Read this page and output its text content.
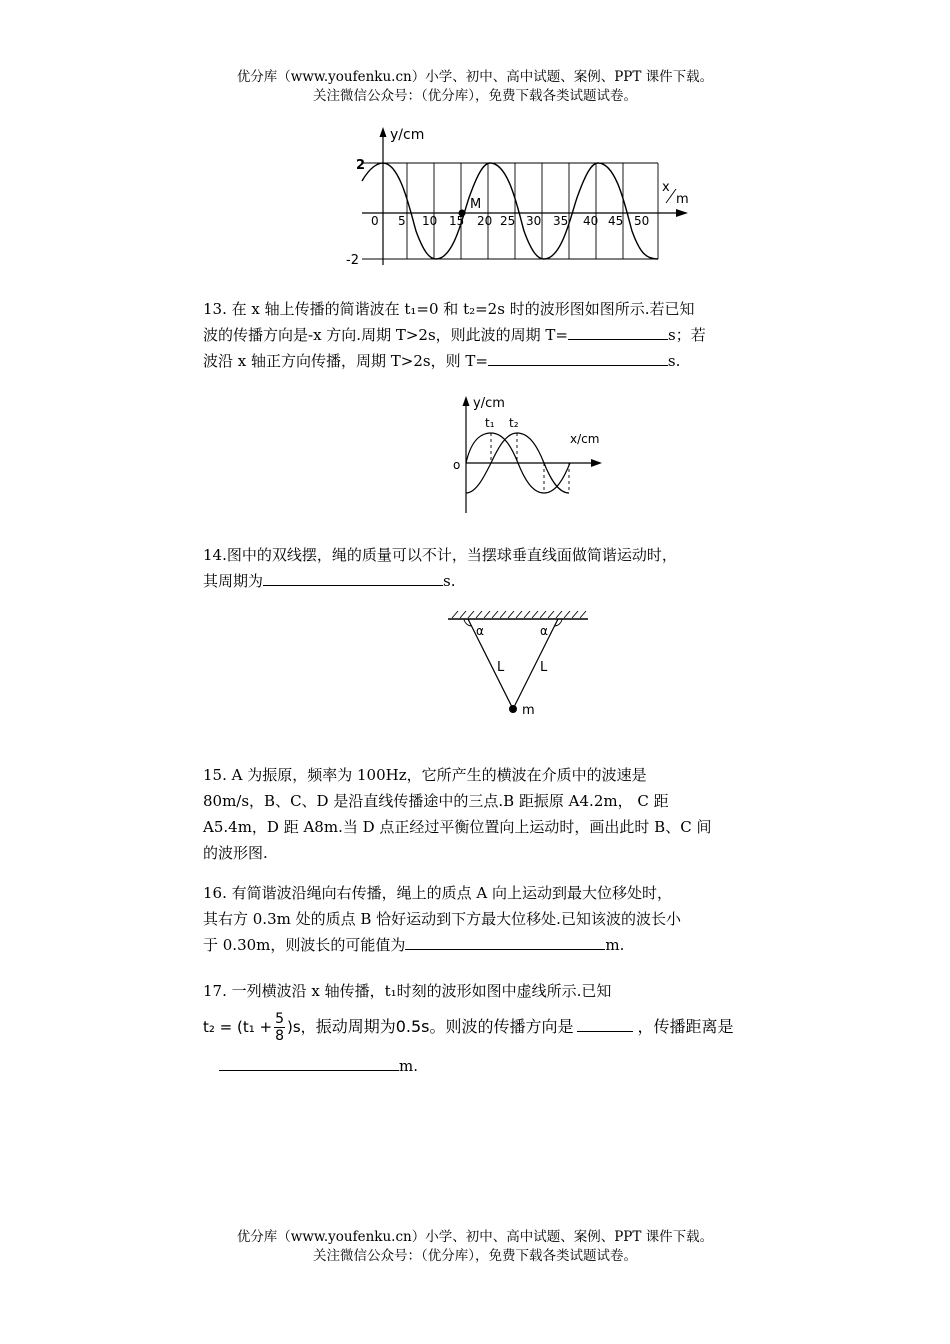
优分库（www.youfenku.cn）小学、初中、高中试题、案例、PPT 课件下载。
关注微信公众号：（优分库），免费下载各类试题试卷。
M
y/cm
2
-2
x
m
0 5 10 15 20 25 30 35 40 45 50
13. 在 x 轴上传播的简谐波在 t₁=0 和 t₂=2s 时的波形图如图所示.若已知
波的传播方向是-x 方向.周期 T>2s，则此波的周期 T=	s；若
波沿 x 轴正方向传播，周期 T>2s，则 T=	s.
y/cm
x/cm
o
t₁ t₂
14.图中的双线摆，绳的质量可以不计，当摆球垂直线面做简谐运动时，
其周期为	s.
α	α
L	L
m
15. A 为振原，频率为 100Hz，它所产生的横波在介质中的波速是
80m/s，B、C、D 是沿直线传播途中的三点.B 距振原 A4.2m， C 距
A5.4m，D 距 A8m.当 D 点正经过平衡位置向上运动时，画出此时 B、C 间
的波形图.
16. 有简谐波沿绳向右传播，绳上的质点 A 向上运动到最大位移处时，
其右方 0.3m 处的质点 B 恰好运动到下方最大位移处.已知该波的波长小
于 0.30m，则波长的可能值为	m.
17. 一列横波沿 x 轴传播，t₁时刻的波形如图中虚线所示.已知
$t_2 = (t_1 + \frac{5}{8} )s$，振动周期为0.5s。则波的传播方向是	，传播距离是
m.
优分库（www.youfenku.cn）小学、初中、高中试题、案例、PPT 课件下载。
关注微信公众号：（优分库），免费下载各类试题试卷。
